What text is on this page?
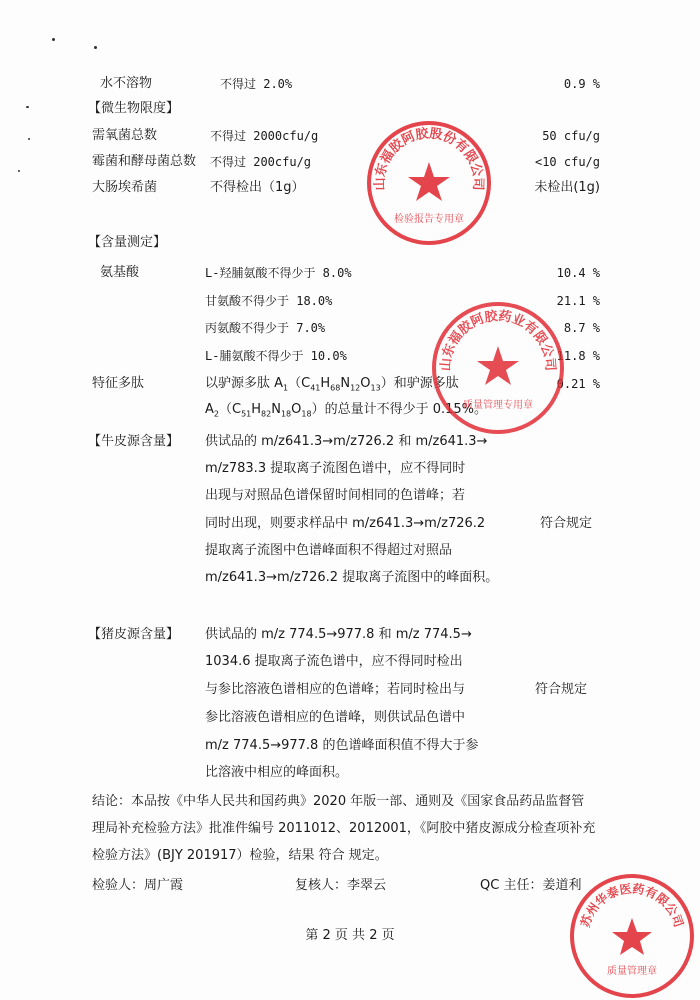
水不溶物	不得过 2.0%	0.9 %
【微生物限度】
需氧菌总数	不得过 2000cfu/g	50 cfu/g
霉菌和酵母菌总数 不得过 200cfu/g	<10 cfu/g
大肠埃希菌	不得检出（1g）	未检出(1g)
【含量测定】
氨基酸	L-羟脯氨酸不得少于 8.0%	10.4 %
甘氨酸不得少于 18.0%	21.1 %
丙氨酸不得少于 7.0%	8.7 %
L-脯氨酸不得少于 10.0%	11.8 %
特征多肽	以驴源多肽 $A_1(C_{41}H_{68}N_{12}O_{13})$和驴源多肽	0.21 %
$A_2(C_{51}H_{82}N_{18}O_{18})$的总量计不得少于 0.15%。
【牛皮源含量】 供试品的 m/z641.3→m/z726.2 和 m/z641.3→
m/z783.3 提取离子流图色谱中，应不得同时
出现与对照品色谱保留时间相同的色谱峰；若
同时出现，则要求样品中 m/z641.3→m/z726.2	符合规定
提取离子流图中色谱峰面积不得超过对照品
m/z641.3→m/z726.2 提取离子流图中的峰面积。
【猪皮源含量】 供试品的 m/z 774.5→977.8 和 m/z 774.5→
1034.6 提取离子流色谱中，应不得同时检出
与参比溶液色谱相应的色谱峰；若同时检出与	符合规定
参比溶液色谱相应的色谱峰，则供试品色谱中
m/z 774.5→977.8 的色谱峰面积值不得大于参
比溶液中相应的峰面积。
结论：本品按《中华人民共和国药典》2020 年版一部、通则及《国家食品药品监督管
理局补充检验方法》批准件编号 2011012、2012001，《阿胶中猪皮源成分检查项补充
检验方法》(BJY 201917）检验，结果 符合 规定。
检验人：周广霞	复核人：李翠云	QC 主任：姜道利
第 2 页 共 2 页
山东福胶阿胶股份有限公司
检验报告专用章
山东福胶阿胶药业有限公司
质量管理专用章
苏州华泰医药有限公司
质量管理章
